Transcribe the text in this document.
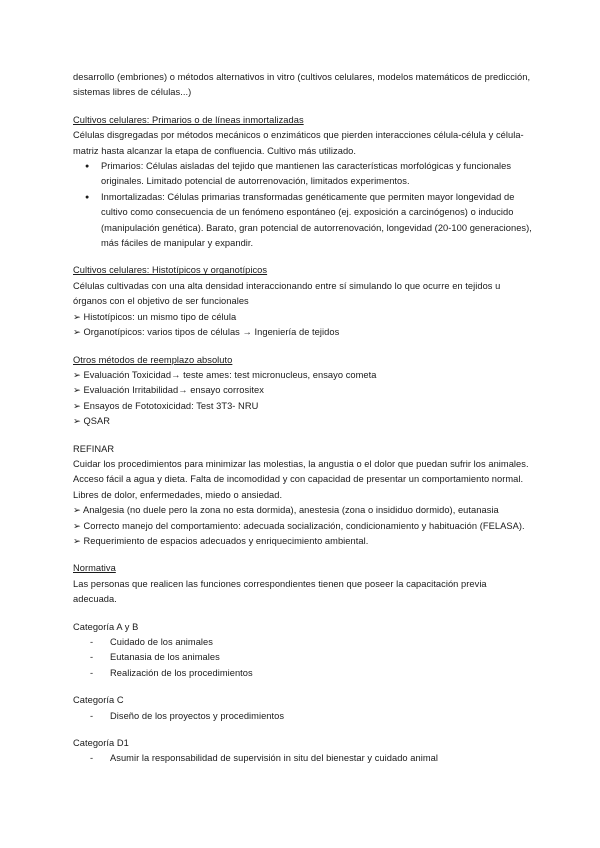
desarrollo (embriones) o métodos alternativos in vitro (cultivos celulares, modelos matemáticos de predicción, sistemas libres de células...)

Cultivos celulares: Primarios o de líneas inmortalizadas

Células disgregadas por métodos mecánicos o enzimáticos que pierden interacciones célula-célula y célula-matriz hasta alcanzar la etapa de confluencia. Cultivo más utilizado.

● Primarios: Células aisladas del tejido que mantienen las características morfológicas y funcionales originales. Limitado potencial de autorrenovación, limitados experimentos.
● Inmortalizadas: Células primarias transformadas genéticamente que permiten mayor longevidad de cultivo como consecuencia de un fenómeno espontáneo (ej. exposición a carcinógenos) o inducido (manipulación genética). Barato, gran potencial de autorrenovación, longevidad (20-100 generaciones), más fáciles de manipular y expandir.

Cultivos celulares: Histotípicos y organotípicos

Células cultivadas con una alta densidad interaccionando entre sí simulando lo que ocurre en tejidos u órganos con el objetivo de ser funcionales

➢ Histotípicos: un mismo tipo de célula

➢ Organotípicos: varios tipos de células → Ingeniería de tejidos

Otros métodos de reemplazo absoluto

➢ Evaluación Toxicidad→ teste ames: test micronucleus, ensayo cometa

➢ Evaluación Irritabilidad→ ensayo corrositex

➢ Ensayos de Fototoxicidad: Test 3T3- NRU

➢ QSAR

REFINAR

Cuidar los procedimientos para minimizar las molestias, la angustia o el dolor que puedan sufrir los animales. Acceso fácil a agua y dieta. Falta de incomodidad y con capacidad de presentar un comportamiento normal. Libres de dolor, enfermedades, miedo o ansiedad.

➢ Analgesia (no duele pero la zona no esta dormida), anestesia (zona o insididuo dormido), eutanasia

➢ Correcto manejo del comportamiento: adecuada socialización, condicionamiento y habituación (FELASA).

➢ Requerimiento de espacios adecuados y enriquecimiento ambiental.

Normativa

Las personas que realicen las funciones correspondientes tienen que poseer la capacitación previa adecuada.

Categoría A y B

- Cuidado de los animales
- Eutanasia de los animales
- Realización de los procedimientos

Categoría C

- Diseño de los proyectos y procedimientos

Categoría D1

- Asumir la responsabilidad de supervisión in situ del bienestar y cuidado animal
